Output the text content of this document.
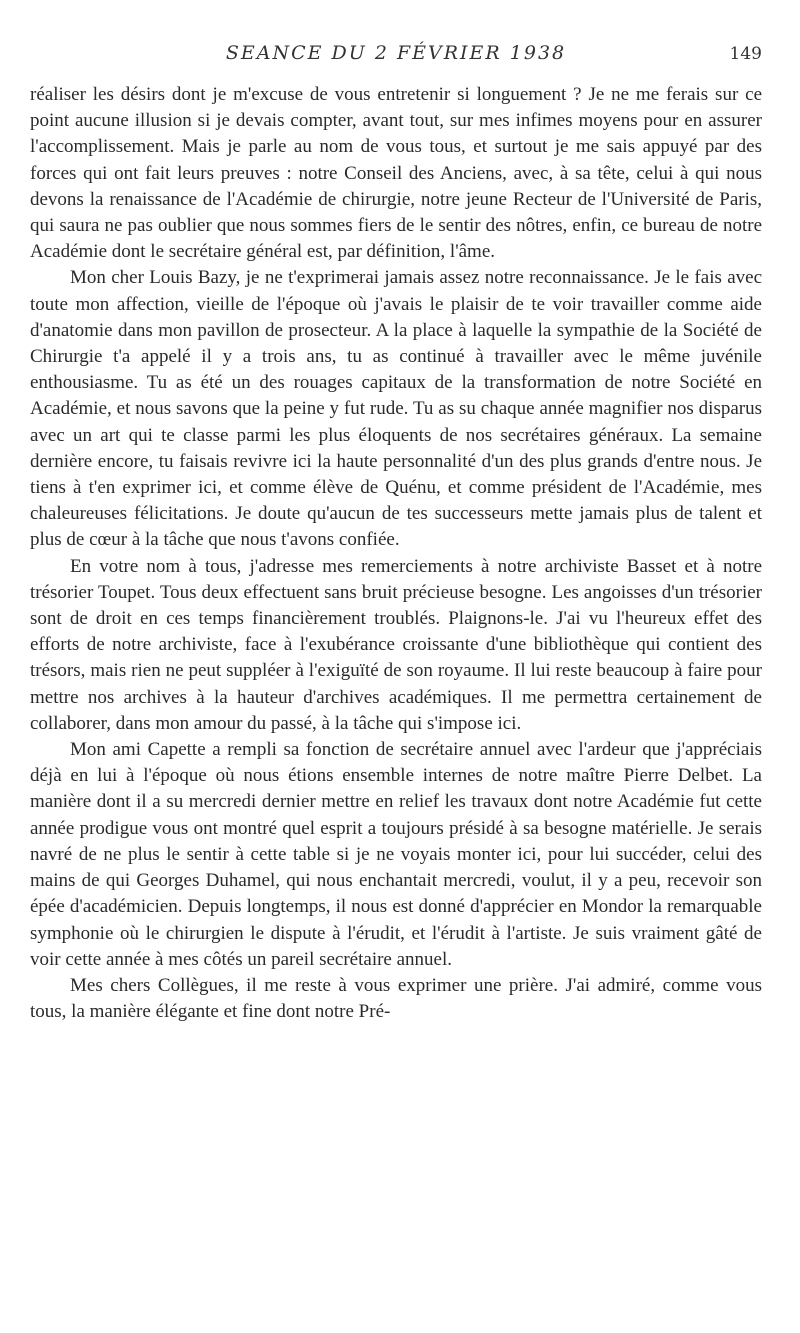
SEANCE DU 2 FÉVRIER 1938	149

réaliser les désirs dont je m'excuse de vous entretenir si longuement ? Je ne me ferais sur ce point aucune illusion si je devais compter, avant tout, sur mes infimes moyens pour en assurer l'accomplissement. Mais je parle au nom de vous tous, et surtout je me sais appuyé par des forces qui ont fait leurs preuves : notre Conseil des Anciens, avec, à sa tête, celui à qui nous devons la renaissance de l'Académie de chirurgie, notre jeune Recteur de l'Université de Paris, qui saura ne pas oublier que nous sommes fiers de le sentir des nôtres, enfin, ce bureau de notre Académie dont le secrétaire général est, par définition, l'âme.

Mon cher Louis Bazy, je ne t'exprimerai jamais assez notre reconnaissance. Je le fais avec toute mon affection, vieille de l'époque où j'avais le plaisir de te voir travailler comme aide d'anatomie dans mon pavillon de prosecteur. A la place à laquelle la sympathie de la Société de Chirurgie t'a appelé il y a trois ans, tu as continué à travailler avec le même juvénile enthousiasme. Tu as été un des rouages capitaux de la transformation de notre Société en Académie, et nous savons que la peine y fut rude. Tu as su chaque année magnifier nos disparus avec un art qui te classe parmi les plus éloquents de nos secrétaires généraux. La semaine dernière encore, tu faisais revivre ici la haute personnalité d'un des plus grands d'entre nous. Je tiens à t'en exprimer ici, et comme élève de Quénu, et comme président de l'Académie, mes chaleureuses félicitations. Je doute qu'aucun de tes successeurs mette jamais plus de talent et plus de cœur à la tâche que nous t'avons confiée.

En votre nom à tous, j'adresse mes remerciements à notre archiviste Basset et à notre trésorier Toupet. Tous deux effectuent sans bruit précieuse besogne. Les angoisses d'un trésorier sont de droit en ces temps financièrement troublés. Plaignons-le. J'ai vu l'heureux effet des efforts de notre archiviste, face à l'exubérance croissante d'une bibliothèque qui contient des trésors, mais rien ne peut suppléer à l'exiguïté de son royaume. Il lui reste beaucoup à faire pour mettre nos archives à la hauteur d'archives académiques. Il me permettra certainement de collaborer, dans mon amour du passé, à la tâche qui s'impose ici.

Mon ami Capette a rempli sa fonction de secrétaire annuel avec l'ardeur que j'appréciais déjà en lui à l'époque où nous étions ensemble internes de notre maître Pierre Delbet. La manière dont il a su mercredi dernier mettre en relief les travaux dont notre Académie fut cette année prodigue vous ont montré quel esprit a toujours présidé à sa besogne matérielle. Je serais navré de ne plus le sentir à cette table si je ne voyais monter ici, pour lui succéder, celui des mains de qui Georges Duhamel, qui nous enchantait mercredi, voulut, il y a peu, recevoir son épée d'académicien. Depuis longtemps, il nous est donné d'apprécier en Mondor la remarquable symphonie où le chirurgien le dispute à l'érudit, et l'érudit à l'artiste. Je suis vraiment gâté de voir cette année à mes côtés un pareil secrétaire annuel.

Mes chers Collègues, il me reste à vous exprimer une prière. J'ai admiré, comme vous tous, la manière élégante et fine dont notre Pré-
